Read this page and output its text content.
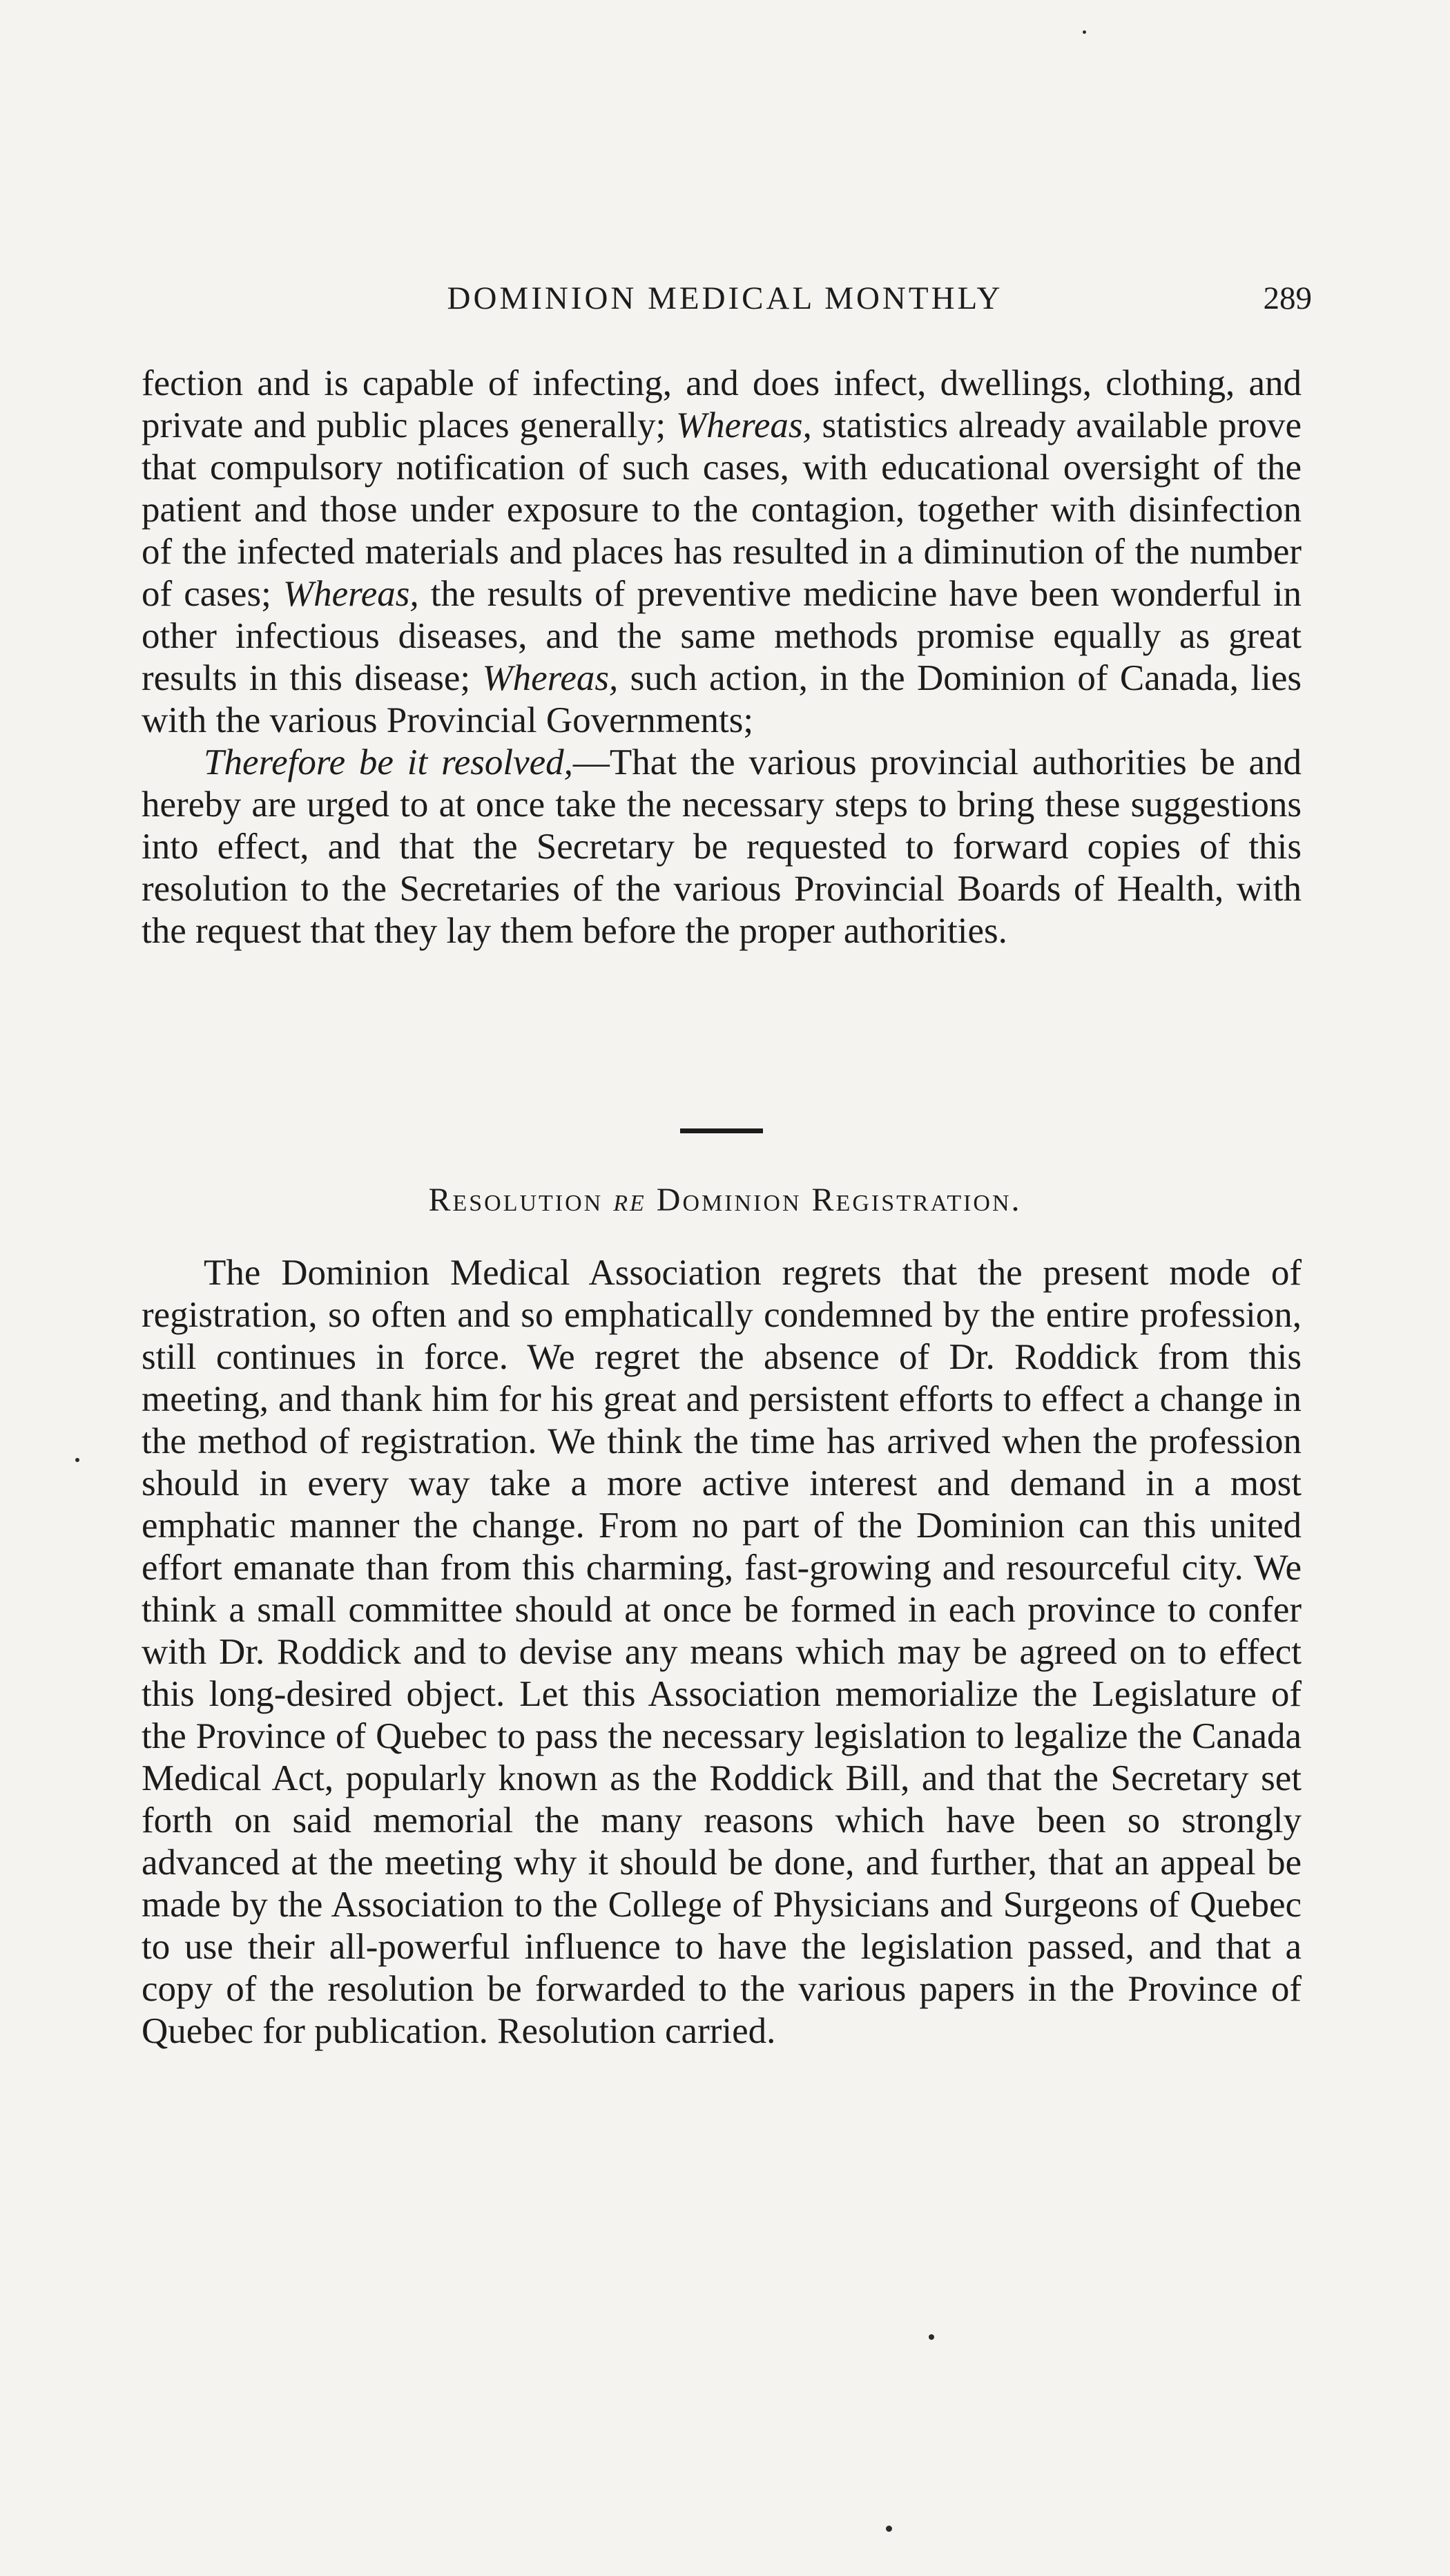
DOMINION MEDICAL MONTHLY	289

fection and is capable of infecting, and does infect, dwellings, clothing, and private and public places generally; Whereas, statistics already available prove that compulsory notification of such cases, with educational oversight of the patient and those under exposure to the contagion, together with disinfection of the infected materials and places has resulted in a diminution of the number of cases; Whereas, the results of preventive medicine have been wonderful in other infectious diseases, and the same methods promise equally as great results in this disease; Whereas, such action, in the Dominion of Canada, lies with the various Provincial Governments;

Therefore be it resolved,—That the various provincial authorities be and hereby are urged to at once take the necessary steps to bring these suggestions into effect, and that the Secretary be requested to forward copies of this resolution to the Secretaries of the various Provincial Boards of Health, with the request that they lay them before the proper authorities.

Resolution re Dominion Registration.

The Dominion Medical Association regrets that the present mode of registration, so often and so emphatically condemned by the entire profession, still continues in force. We regret the absence of Dr. Roddick from this meeting, and thank him for his great and persistent efforts to effect a change in the method of registration. We think the time has arrived when the profession should in every way take a more active interest and demand in a most emphatic manner the change. From no part of the Dominion can this united effort emanate than from this charming, fast-growing and resourceful city. We think a small committee should at once be formed in each province to confer with Dr. Roddick and to devise any means which may be agreed on to effect this long-desired object. Let this Association memorialize the Legislature of the Province of Quebec to pass the necessary legislation to legalize the Canada Medical Act, popularly known as the Roddick Bill, and that the Secretary set forth on said memorial the many reasons which have been so strongly advanced at the meeting why it should be done, and further, that an appeal be made by the Association to the College of Physicians and Surgeons of Quebec to use their all-powerful influence to have the legislation passed, and that a copy of the resolution be forwarded to the various papers in the Province of Quebec for publication. Resolution carried.
